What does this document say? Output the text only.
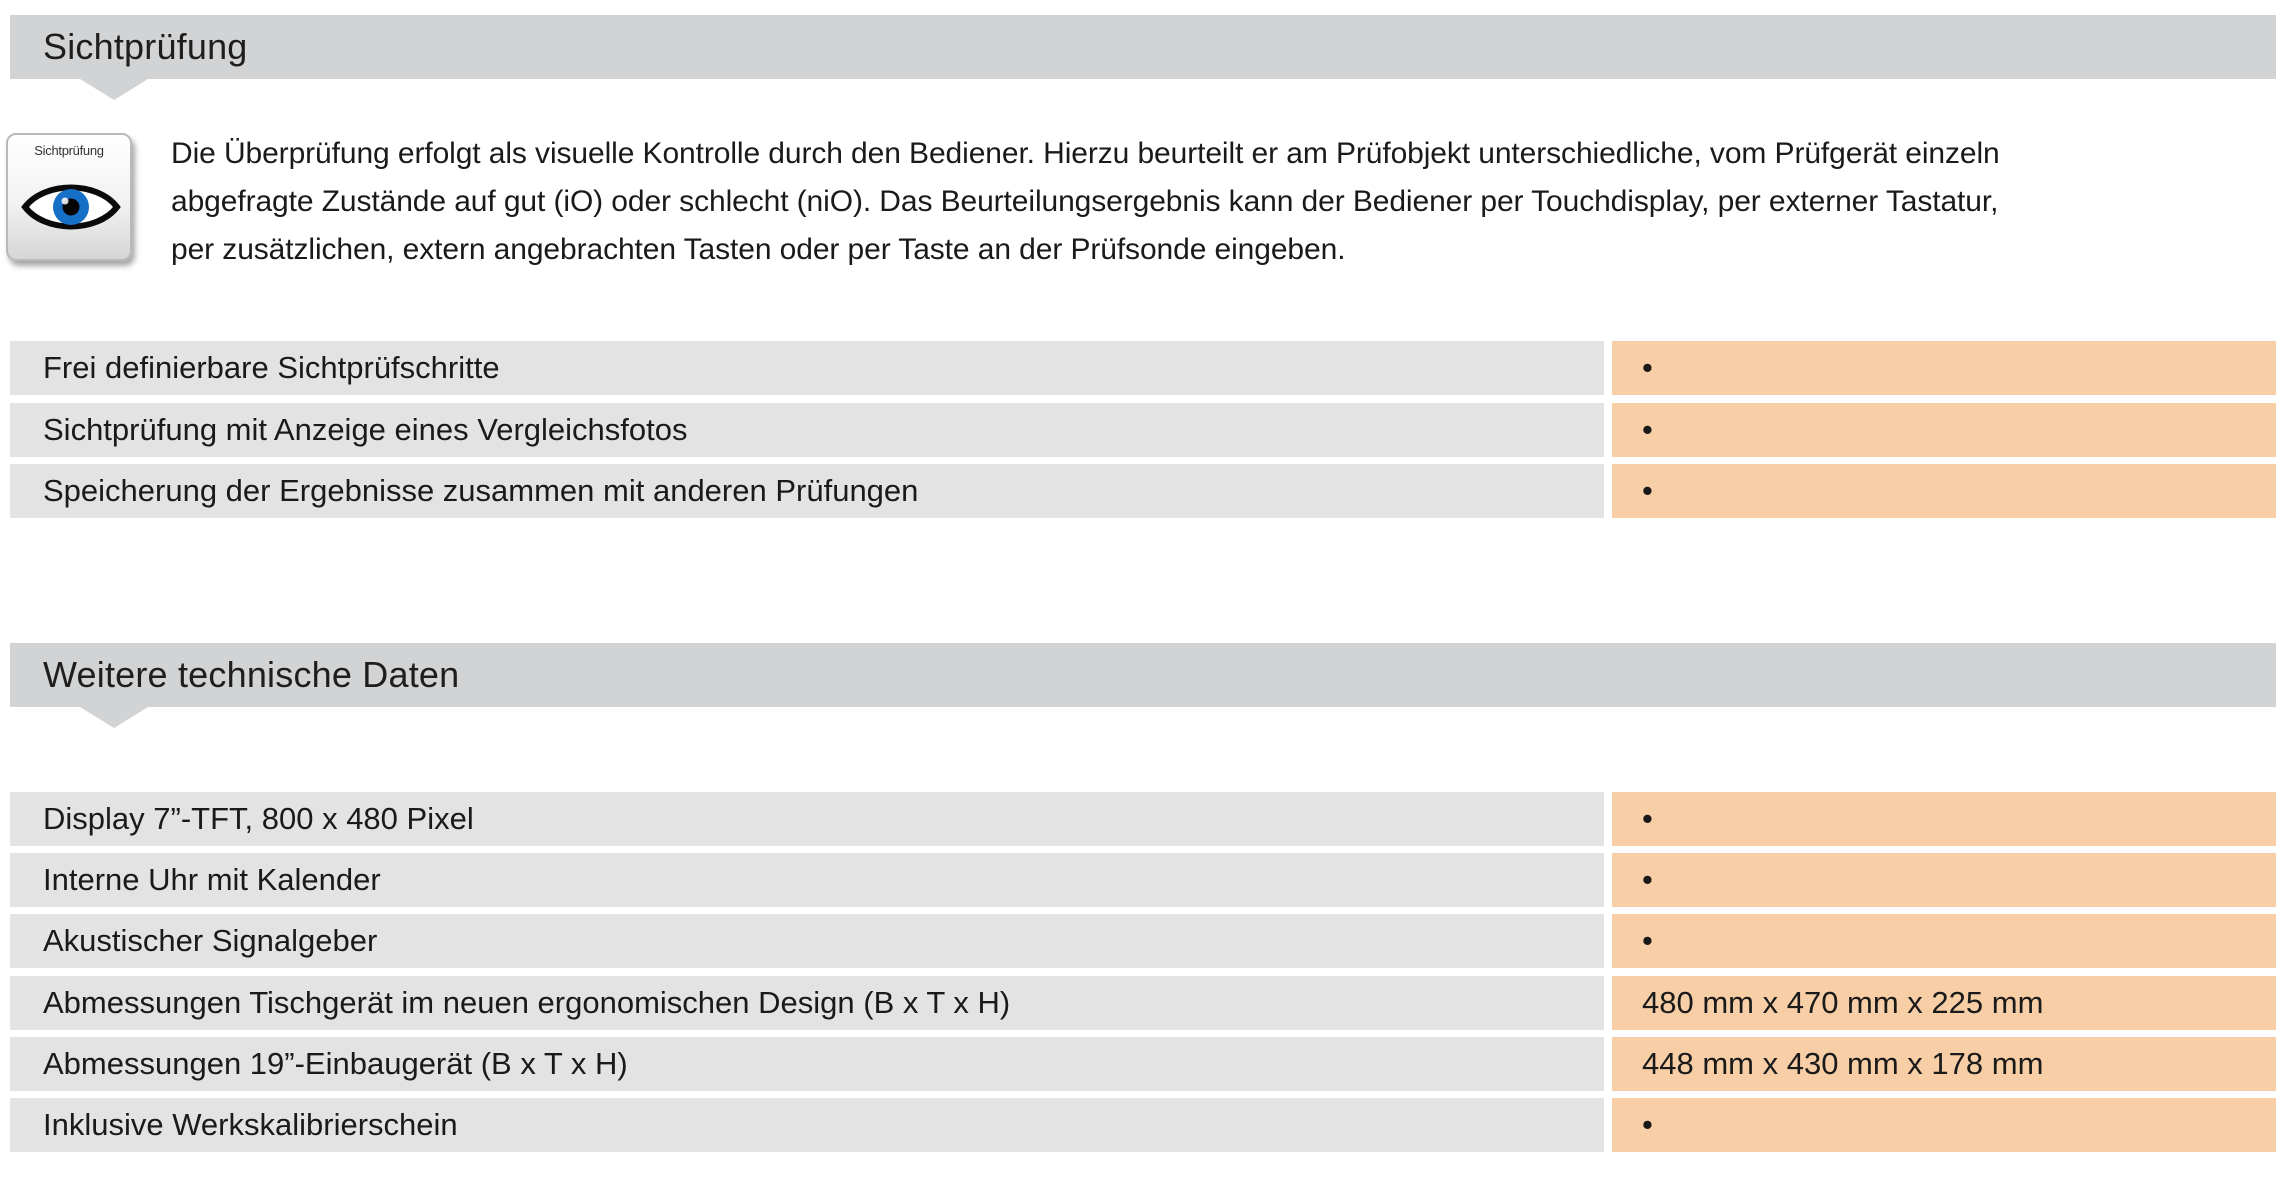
Sichtprüfung
Sichtprüfung	Die Überprüfung erfolgt als visuelle Kontrolle durch den Bediener. Hierzu beurteilt er am Prüfobjekt unterschiedliche, vom Prüfgerät einzeln
abgefragte Zustände auf gut (iO) oder schlecht (niO). Das Beurteilungsergebnis kann der Bediener per Touchdisplay, per externer Tastatur,
per zusätzlichen, extern angebrachten Tasten oder per Taste an der Prüfsonde eingeben.

Frei definierbare Sichtprüfschritte	•
Sichtprüfung mit Anzeige eines Vergleichsfotos	•
Speicherung der Ergebnisse zusammen mit anderen Prüfungen	•
Weitere technische Daten
Display 7”-TFT, 800 x 480 Pixel	•
Interne Uhr mit Kalender	•
Akustischer Signalgeber	•
Abmessungen Tischgerät im neuen ergonomischen Design (B x T x H)	480 mm x 470 mm x 225 mm
Abmessungen 19”-Einbaugerät (B x T x H)	448 mm x 430 mm x 178 mm
Inklusive Werkskalibrierschein	•
